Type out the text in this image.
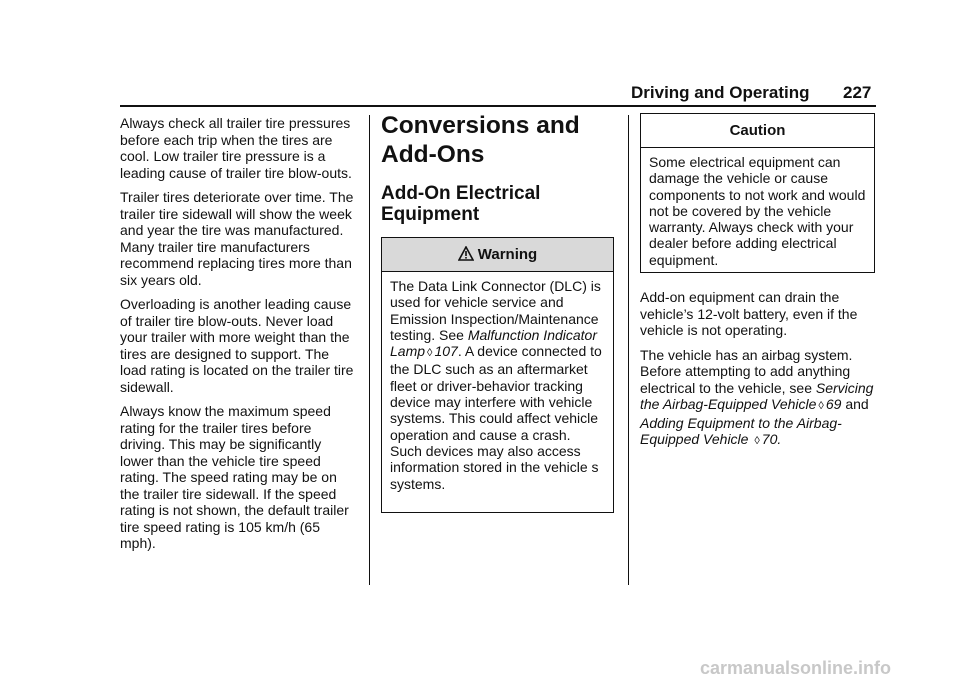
Driving and Operating 227

Always check all trailer tire pressures before each trip when the tires are cool. Low trailer tire pressure is a leading cause of trailer tire blow-outs.

Trailer tires deteriorate over time. The trailer tire sidewall will show the week and year the tire was manufactured. Many trailer tire manufacturers recommend replacing tires more than six years old.

Overloading is another leading cause of trailer tire blow-outs. Never load your trailer with more weight than the tires are designed to support. The load rating is located on the trailer tire sidewall.

Always know the maximum speed rating for the trailer tires before driving. This may be significantly lower than the vehicle tire speed rating. The speed rating may be on the trailer tire sidewall. If the speed rating is not shown, the default trailer tire speed rating is 105 km/h (65 mph).

Conversions and Add-Ons
Add-On Electrical Equipment
Warning
The Data Link Connector (DLC) is used for vehicle service and Emission Inspection/Maintenance testing. See Malfunction Indicator Lamp ◊ 107. A device connected to the DLC such as an aftermarket fleet or driver-behavior tracking device may interfere with vehicle systems. This could affect vehicle operation and cause a crash. Such devices may also access information stored in the vehicle s systems.
Caution
Some electrical equipment can damage the vehicle or cause components to not work and would not be covered by the vehicle warranty. Always check with your dealer before adding electrical equipment.

Add-on equipment can drain the vehicle’s 12-volt battery, even if the vehicle is not operating.

The vehicle has an airbag system. Before attempting to add anything electrical to the vehicle, see Servicing the Airbag-Equipped Vehicle ◊ 69 and Adding Equipment to the Airbag-Equipped Vehicle ◊ 70.

carmanualsonline.info
